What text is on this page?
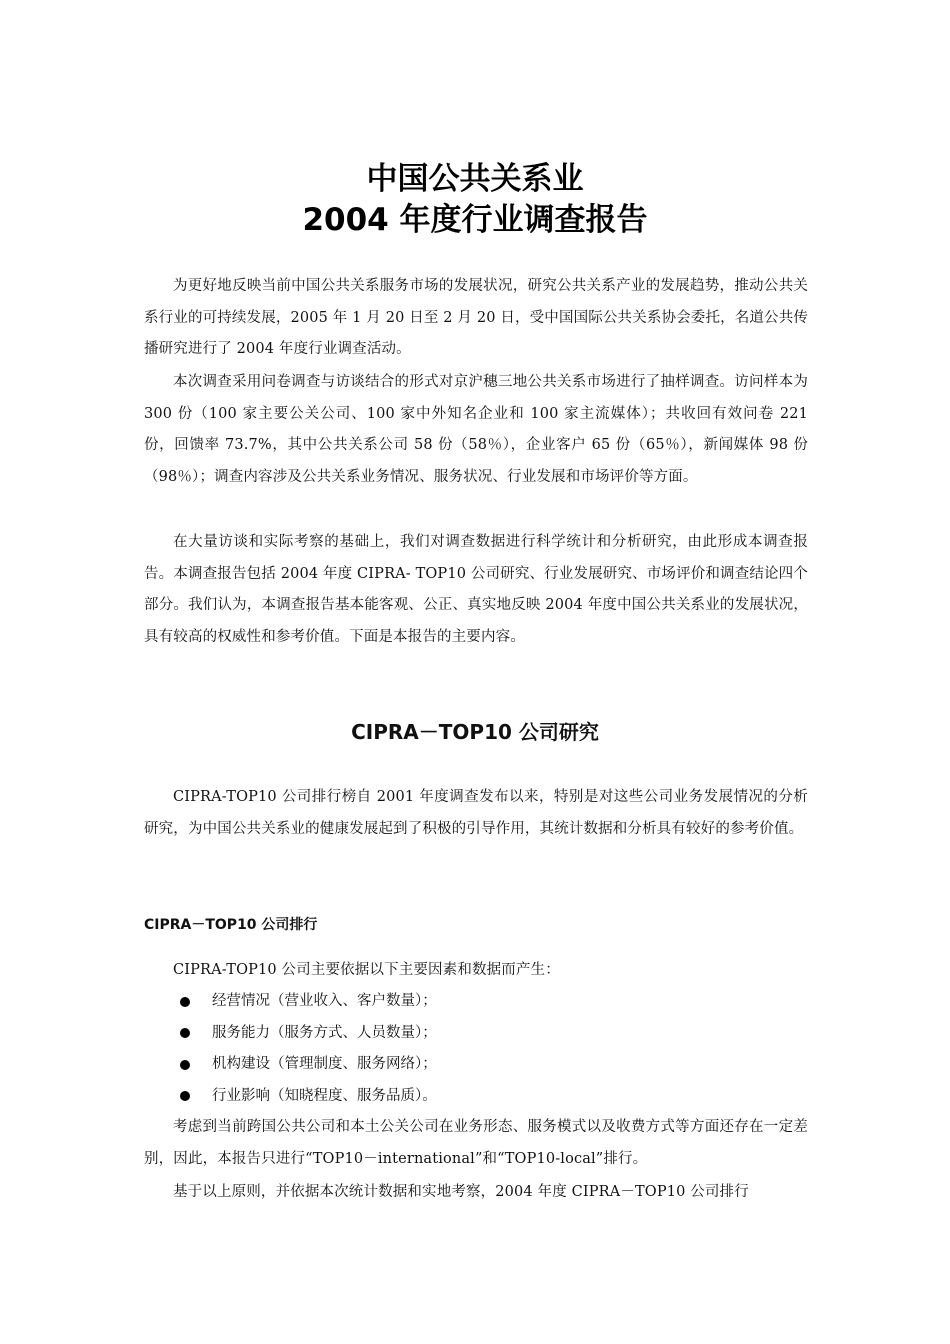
中国公共关系业
2004 年度行业调查报告

为更好地反映当前中国公共关系服务市场的发展状况，研究公共关系产业的发展趋势，推动公共关系行业的可持续发展，2005 年 1 月 20 日至 2 月 20 日，受中国国际公共关系协会委托，名道公共传播研究进行了 2004 年度行业调查活动。

本次调查采用问卷调查与访谈结合的形式对京沪穗三地公共关系市场进行了抽样调查。访问样本为 300 份（100 家主要公关公司、100 家中外知名企业和 100 家主流媒体）；共收回有效问卷 221 份，回馈率 73.7%，其中公共关系公司 58 份（58％），企业客户 65 份（65％），新闻媒体 98 份（98％）；调查内容涉及公共关系业务情况、服务状况、行业发展和市场评价等方面。

在大量访谈和实际考察的基础上，我们对调查数据进行科学统计和分析研究，由此形成本调查报告。本调查报告包括 2004 年度 CIPRA- TOP10 公司研究、行业发展研究、市场评价和调查结论四个部分。我们认为，本调查报告基本能客观、公正、真实地反映 2004 年度中国公共关系业的发展状况，具有较高的权威性和参考价值。下面是本报告的主要内容。

CIPRA－TOP10 公司研究

CIPRA-TOP10 公司排行榜自 2001 年度调查发布以来，特别是对这些公司业务发展情况的分析研究，为中国公共关系业的健康发展起到了积极的引导作用，其统计数据和分析具有较好的参考价值。

CIPRA－TOP10 公司排行

CIPRA-TOP10 公司主要依据以下主要因素和数据而产生：

经营情况（营业收入、客户数量）；
服务能力（服务方式、人员数量）；
机构建设（管理制度、服务网络）；
行业影响（知晓程度、服务品质）。

考虑到当前跨国公共公司和本土公关公司在业务形态、服务模式以及收费方式等方面还存在一定差别，因此，本报告只进行“TOP10－international”和“TOP10-local”排行。

基于以上原则，并依据本次统计数据和实地考察，2004 年度 CIPRA－TOP10 公司排行
